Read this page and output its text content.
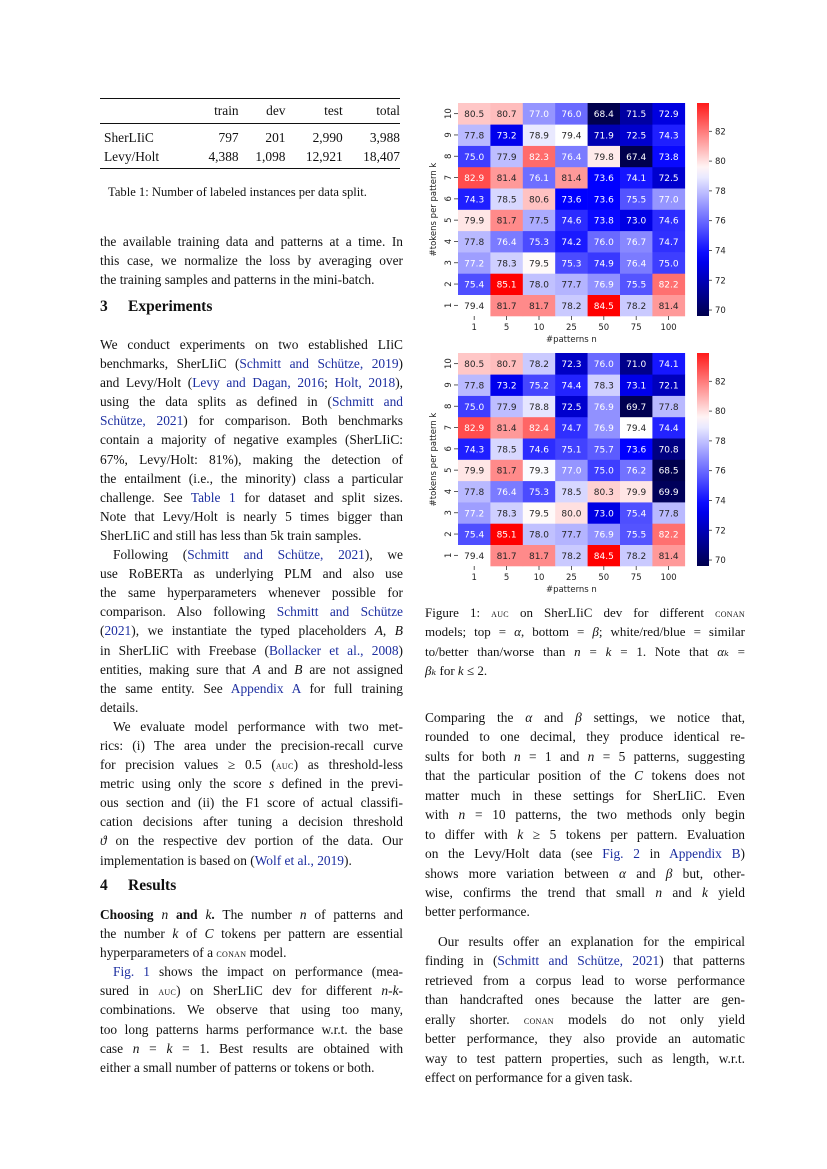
	train	dev	test	total
SherLIiC	797	201	2,990	3,988
Levy/Holt	4,388	1,098	12,921	18,407
Table 1: Number of labeled instances per data split.
the available training data and patterns at a time. In
this case, we normalize the loss by averaging over
the training samples and patterns in the mini-batch.
3 Experiments
We conduct experiments on two established LIiC
benchmarks, SherLIiC (Schmitt and Schütze, 2019)
and Levy/Holt (Levy and Dagan, 2016; Holt, 2018),
using the data splits as defined in (Schmitt and
Schütze, 2021) for comparison. Both benchmarks
contain a majority of negative examples (SherLIiC:
67%, Levy/Holt: 81%), making the detection of
the entailment (i.e., the minority) class a particular
challenge. See Table 1 for dataset and split sizes.
Note that Levy/Holt is nearly 5 times bigger than
SherLIiC and still has less than 5k train samples.
Following (Schmitt and Schütze, 2021), we
use RoBERTa as underlying PLM and also use
the same hyperparameters whenever possible for
comparison. Also following Schmitt and Schütze
(2021), we instantiate the typed placeholders A, B
in SherLIiC with Freebase (Bollacker et al., 2008)
entities, making sure that A and B are not assigned
the same entity. See Appendix A for full training
details.
We evaluate model performance with two met-
rics: (i) The area under the precision-recall curve
for precision values ≥ 0.5 (auc) as threshold-less
metric using only the score s defined in the previ-
ous section and (ii) the F1 score of actual classifi-
cation decisions after tuning a decision threshold
ϑ on the respective dev portion of the data. Our
implementation is based on (Wolf et al., 2019).
4 Results
Choosing n and k. The number n of patterns and
the number k of C tokens per pattern are essential
hyperparameters of a conan model.
Fig. 1 shows the impact on performance (mea-
sured in auc) on SherLIiC dev for different n-k-
combinations. We observe that using too many,
too long patterns harms performance w.r.t. the base
case n = k = 1. Best results are obtained with
either a small number of patterns or tokens or both.
79.4 81.7 81.7 78.2 84.5 78.2 81.4
75.4 85.1 78.0 77.7 76.9 75.5 82.2
77.2 78.3 79.5 75.3 74.9 76.4 75.0
77.8 76.4 75.3 74.2 76.0 76.7 74.7
79.9 81.7 77.5 74.6 73.8 73.0 74.6
74.3 78.5 80.6 73.6 73.6 75.5 77.0
82.9 81.4 76.1 81.4 73.6 74.1 72.5
75.0 77.9 82.3 76.4 79.8 67.4 73.8
77.8 73.2 78.9 79.4 71.9 72.5 74.3
80.5 80.7 77.0 76.0 68.4 71.5 72.9
1
2
3
4
5
6
7
8
9
10
1	5	10	25	50	75 100
#patterns n
#tokens per pattern k
70
72
74
76
78
80
82
79.4 81.7 81.7 78.2 84.5 78.2 81.4
75.4 85.1 78.0 77.7 76.9 75.5 82.2
77.2 78.3 79.5 80.0 73.0 75.4 77.8
77.8 76.4 75.3 78.5 80.3 79.9 69.9
79.9 81.7 79.3 77.0 75.0 76.2 68.5
74.3 78.5 74.6 75.1 75.7 73.6 70.8
82.9 81.4 82.4 74.7 76.9 79.4 74.4
75.0 77.9 78.8 72.5 76.9 69.7 77.8
77.8 73.2 75.2 74.4 78.3 73.1 72.1
80.5 80.7 78.2 72.3 76.0 71.0 74.1
1
2
3
4
5
6
7
8
9
10
1	5	10	25	50	75 100
#patterns n
#tokens per pattern k
70
72
74
76
78
80
82
Figure 1: auc on SherLIiC dev for different conan
models; top = α, bottom = β; white/red/blue = similar
to/better than/worse than n = k = 1. Note that αₖ =
βₖ for k ≤ 2.
Comparing the α and β settings, we notice that,
rounded to one decimal, they produce identical re-
sults for both n = 1 and n = 5 patterns, suggesting
that the particular position of the C tokens does not
matter much in these settings for SherLIiC. Even
with n = 10 patterns, the two methods only begin
to differ with k ≥ 5 tokens per pattern. Evaluation
on the Levy/Holt data (see Fig. 2 in Appendix B)
shows more variation between α and β but, other-
wise, confirms the trend that small n and k yield
better performance.
Our results offer an explanation for the empirical
finding in (Schmitt and Schütze, 2021) that patterns
retrieved from a corpus lead to worse performance
than handcrafted ones because the latter are gen-
erally shorter. conan models do not only yield
better performance, they also provide an automatic
way to test pattern properties, such as length, w.r.t.
effect on performance for a given task.
